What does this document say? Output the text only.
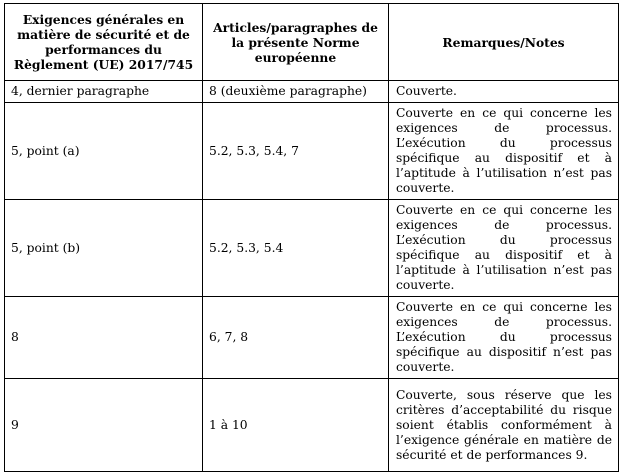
Exigences générales en matière de sécurité et de performances du Règlement (UE) 2017/745	Articles/paragraphes de la présente Norme européenne	Remarques/Notes
4, dernier paragraphe	8 (deuxième paragraphe)	Couverte.
5, point (a)	5.2, 5.3, 5.4, 7	Couverte en ce qui concerne les exigences de processus. L’exécution du processus spécifique au dispositif et à l’aptitude à l’utilisation n’est pas couverte.
5, point (b)	5.2, 5.3, 5.4	Couverte en ce qui concerne les exigences de processus. L’exécution du processus spécifique au dispositif et à l’aptitude à l’utilisation n’est pas couverte.
8	6, 7, 8	Couverte en ce qui concerne les exigences de processus. L’exécution du processus spécifique au dispositif n’est pas couverte.
9	1 à 10	Couverte, sous réserve que les critères d’acceptabilité du risque soient établis conformément à l’exigence générale en matière de sécurité et de performances 9.
